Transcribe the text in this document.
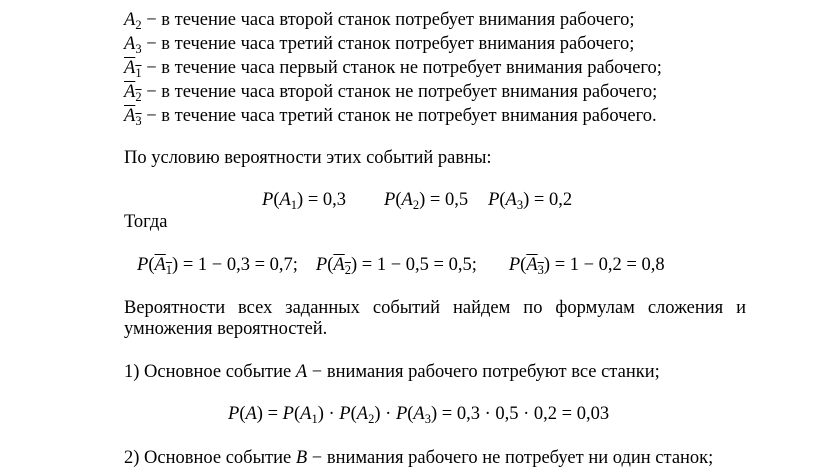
$A_2 - в$ течение часа второй станок потребует внимания рабочего;
$A_3 - в$ течение часа третий станок потребует внимания рабочего;
$A_1 - в$ течение часа первый станок не потребует внимания рабочего;
$A_2 - в$ течение часа второй станок не потребует внимания рабочего;
$A_3 - в$ течение часа третий станок не потребует внимания рабочего.
По условию вероятности этих событий равны:
$P(A_1) = 0,3$ $P(A_2) = 0,5$ $P(A_3) = 0,2$
Тогда
$P(A_1) = 1 - 0,3 = 0,7$; $P(A_2) = 1 - 0,5 = 0,5$; $P(A_3) = 1 - 0,2 = 0,8$
Вероятности всех заданных событий найдем по формулам сложения и
умножения вероятностей.
1) Основное событие A − внимания рабочего потребуют все станки;
$P(A) = P(A_1) \cdot P(A_2) \cdot P(A_3) = 0,3 \cdot 0,5 \cdot 0,2 = 0,03$
2) Основное событие B − внимания рабочего не потребует ни один станок;
